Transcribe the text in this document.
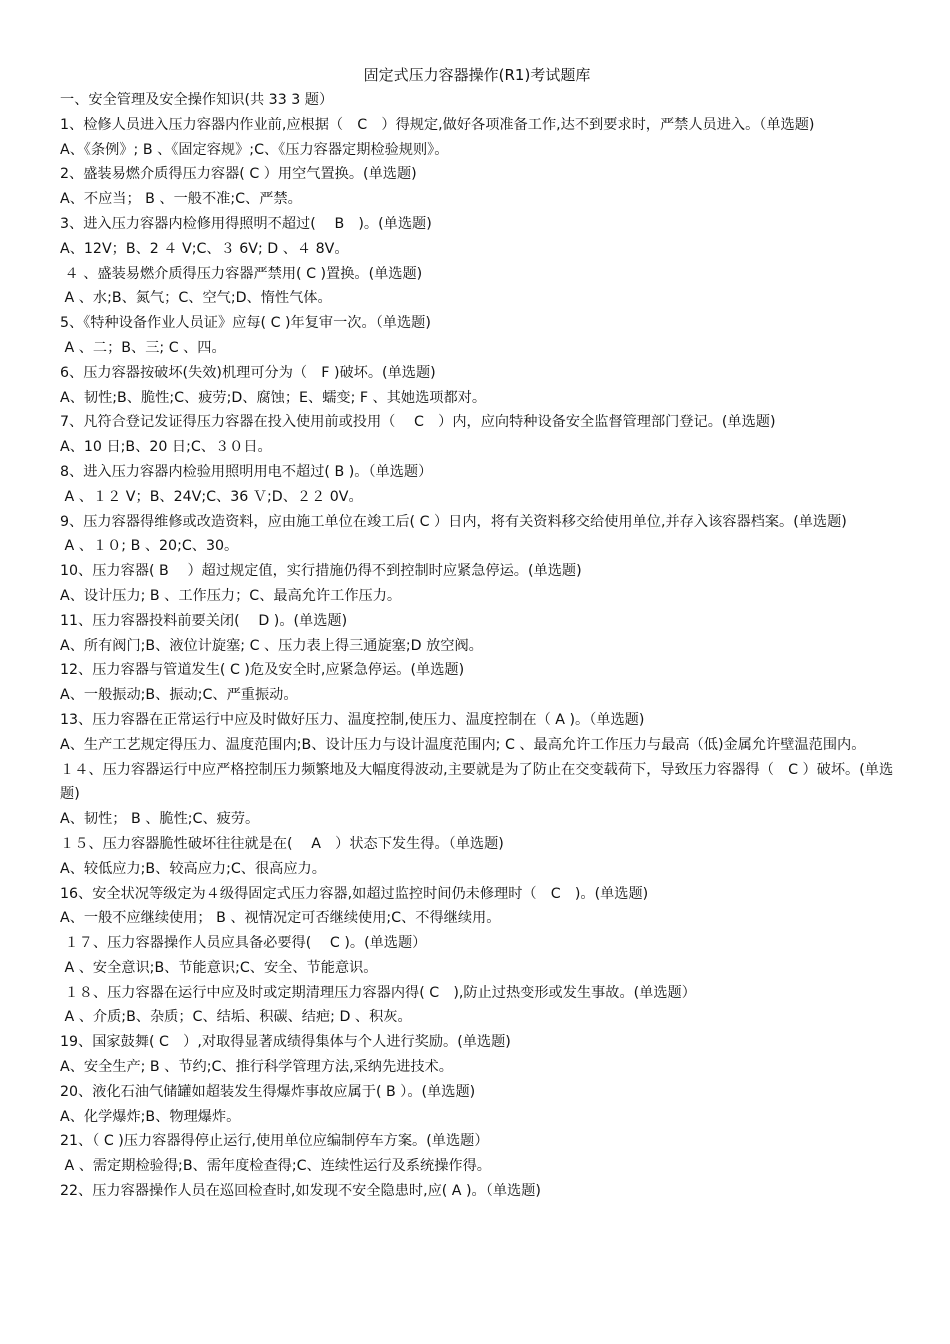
固定式压力容器操作(R1)考试题库
一、安全管理及安全操作知识(共 33 3 题）
1、检修人员进入压力容器内作业前,应根据（　C　）得规定,做好各项准备工作,达不到要求时，严禁人员进入。（单选题)
A、《条例》; B 、《固定容规》;C、《压力容器定期检验规则》。
2、盛装易燃介质得压力容器( C ）用空气置换。(单选题)
A、不应当； B 、一般不准;C、严禁。
3、进入压力容器内检修用得照明不超过(　 B　)。(单选题)
A、12V；B、2 ４ V;C、３ 6V; D 、４ 8V。
４ 、盛装易燃介质得压力容器严禁用( C )置换。(单选题)
A 、水;B、氮气；C、空气;D、惰性气体。
5、《特种设备作业人员证》应每( C )年复审一次。（单选题)
A 、二；B、三; C 、四。
6、压力容器按破坏(失效)机理可分为（　F )破坏。(单选题)
A、韧性;B、脆性;C、疲劳;D、腐蚀；E、蠕变; F 、其她选项都对。
7、凡符合登记发证得压力容器在投入使用前或投用（　 C　）内，应向特种设备安全监督管理部门登记。(单选题)
A、10 日;B、20 日;C、３０日。
8、进入压力容器内检验用照明用电不超过( B )。（单选题）
A 、１２ V；B、24V;C、36 Ｖ;D、２２ 0V。
9、压力容器得维修或改造资料，应由施工单位在竣工后( C ）日内，将有关资料移交给使用单位,并存入该容器档案。(单选题)
A 、１０; B 、20;C、30。
10、压力容器( B　 ）超过规定值，实行措施仍得不到控制时应紧急停运。(单选题)
A、设计压力; B 、工作压力；C、最高允许工作压力。
11、压力容器投料前要关闭(　 D )。(单选题)
A、所有阀门;B、液位计旋塞; C 、压力表上得三通旋塞;D 放空阀。
12、压力容器与管道发生( C )危及安全时,应紧急停运。(单选题)
A、一般振动;B、振动;C、严重振动。
13、压力容器在正常运行中应及时做好压力、温度控制,使压力、温度控制在（ A )。（单选题)
A、生产工艺规定得压力、温度范围内;B、设计压力与设计温度范围内; C 、最高允许工作压力与最高（低)金属允许壁温范围内。
１４、压力容器运行中应严格控制压力频繁地及大幅度得波动,主要就是为了防止在交变载荷下，导致压力容器得（　C ）破坏。(单选题)
A、韧性； B 、脆性;C、疲劳。
１５、压力容器脆性破坏往往就是在(　 A　）状态下发生得。（单选题)
A、较低应力;B、较高应力;C、很高应力。
16、安全状况等级定为４级得固定式压力容器,如超过监控时间仍未修理时（　C　)。(单选题)
A、一般不应继续使用； B 、视情况定可否继续使用;C、不得继续用。
１７、压力容器操作人员应具备必要得(　 C )。(单选题）
A 、安全意识;B、节能意识;C、安全、节能意识。
１８、压力容器在运行中应及时或定期清理压力容器内得( C　),防止过热变形或发生事故。(单选题）
A 、介质;B、杂质；C、结垢、积碳、结疤; D 、积灰。
19、国家鼓舞( C　）,对取得显著成绩得集体与个人进行奖励。(单选题)
A、安全生产; B 、节约;C、推行科学管理方法,采纳先进技术。
20、液化石油气储罐如超装发生得爆炸事故应属于( B ）。(单选题)
A、化学爆炸;B、物理爆炸。
21、（ C )压力容器得停止运行,使用单位应编制停车方案。(单选题）
A 、需定期检验得;B、需年度检查得;C、连续性运行及系统操作得。
22、压力容器操作人员在巡回检查时,如发现不安全隐患时,应( A )。（单选题)
